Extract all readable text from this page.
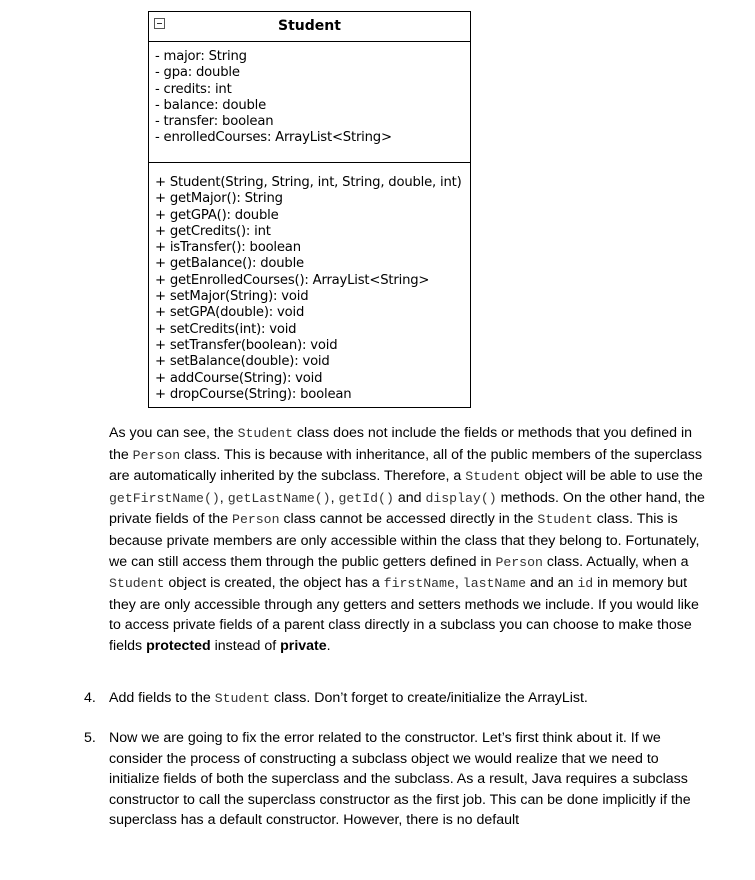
Student
- major: String
- gpa: double
- credits: int
- balance: double
- transfer: boolean
- enrolledCourses: ArrayList<String>
+ Student(String, String, int, String, double, int)
+ getMajor(): String
+ getGPA(): double
+ getCredits(): int
+ isTransfer(): boolean
+ getBalance(): double
+ getEnrolledCourses(): ArrayList<String>
+ setMajor(String): void
+ setGPA(double): void
+ setCredits(int): void
+ setTransfer(boolean): void
+ setBalance(double): void
+ addCourse(String): void
+ dropCourse(String): boolean

As you can see, the Student class does not include the fields or methods that you defined in the Person class. This is because with inheritance, all of the public members of the superclass are automatically inherited by the subclass. Therefore, a Student object will be able to use the getFirstName(), getLastName(), getId() and display() methods. On the other hand, the private fields of the Person class cannot be accessed directly in the Student class. This is because private members are only accessible within the class that they belong to. Fortunately, we can still access them through the public getters defined in Person class. Actually, when a Student object is created, the object has a firstName, lastName and an id in memory but they are only accessible through any getters and setters methods we include. If you would like to access private fields of a parent class directly in a subclass you can choose to make those fields protected instead of private.

4. Add fields to the Student class. Don’t forget to create/initialize the ArrayList.

5. Now we are going to fix the error related to the constructor. Let’s first think about it. If we consider the process of constructing a subclass object we would realize that we need to initialize fields of both the superclass and the subclass. As a result, Java requires a subclass constructor to call the superclass constructor as the first job. This can be done implicitly if the superclass has a default constructor. However, there is no default
